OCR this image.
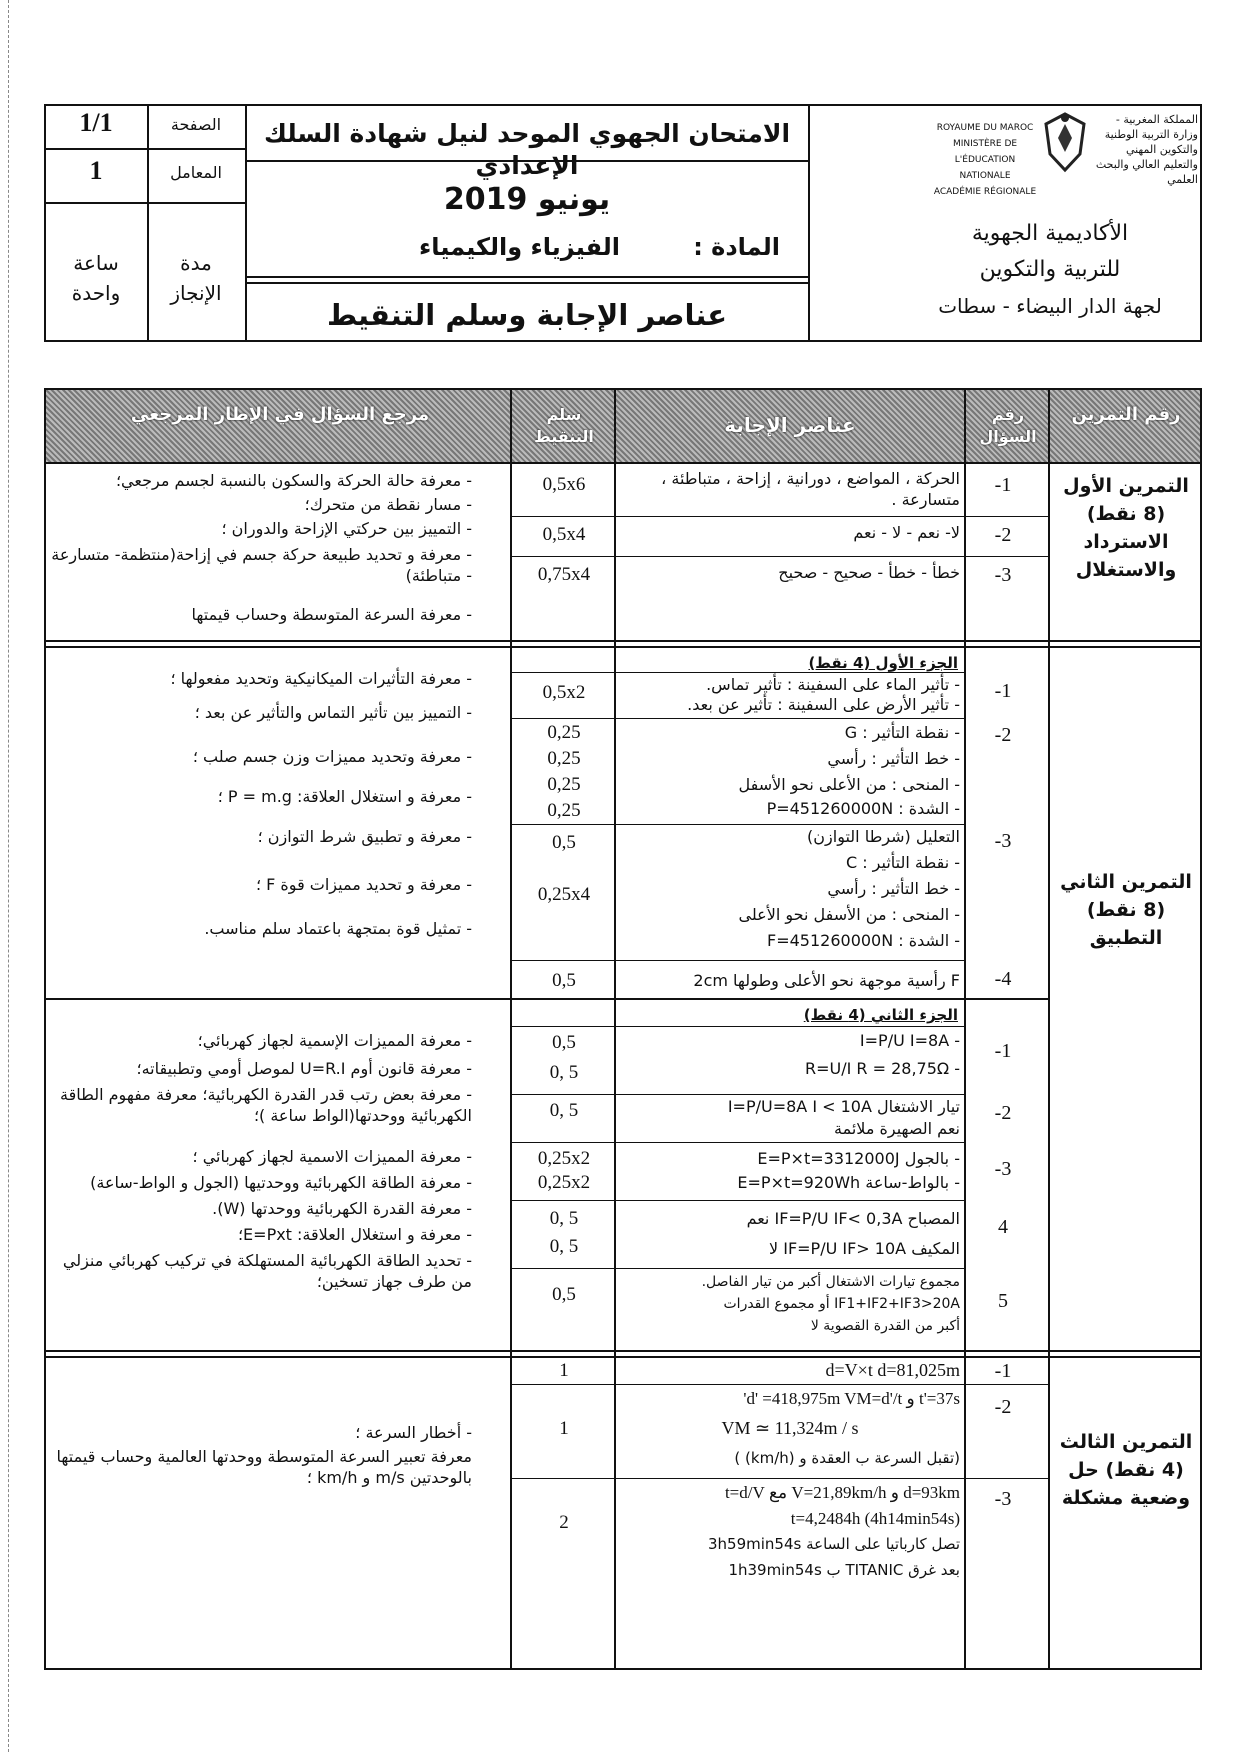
الصفحة
1/1
المعامل
1
مدة الإنجاز
ساعة واحدة
الامتحان الجهوي الموحد لنيل شهادة السلك الإعدادي
يونيو 2019
المادة :
الفيزياء والكيمياء
عناصر الإجابة وسلم التنقيط
المملكة المغربية - وزارة التربية الوطنية والتكوين المهني والتعليم العالي والبحث العلمي
ROYAUME DU MAROC
MINISTÈRE DE L'ÉDUCATION
NATIONALE
ACADÉMIE RÉGIONALE
الأكاديمية الجهوية
للتربية والتكوين
لجهة الدار البيضاء - سطات
رقم التمرين
رقم السؤال
عناصر الإجابة
سلم التنقيط
مرجع السؤال في الإطار المرجعي
التمرين الأول (8 نقط) الاسترداد والاستغلال
-1
الحركة ، المواضع ، دورانية ، إزاحة ، متباطئة ، متسارعة .
0,5x6
-2
لا- نعم - لا - نعم
0,5x4
-3
خطأ - خطأ - صحيح - صحيح
0,75x4
- معرفة حالة الحركة والسكون بالنسبة لجسم مرجعي؛
- مسار نقطة من متحرك؛
- التمييز بين حركتي الإزاحة والدوران ؛
- معرفة و تحديد طبيعة حركة جسم في إزاحة(منتظمة- متسارعة - متباطئة)
- معرفة السرعة المتوسطة وحساب قيمتها
التمرين الثاني (8 نقط) التطبيق
الجزء الأول (4 نقط)
-1
- تأثير الماء على السفينة : تأثير تماس.
- تأثير الأرض على السفينة : تأثير عن بعد.
0,5x2
-2
- نقطة التأثير : G
- خط التأثير : رأسي
- المنحى : من الأعلى نحو الأسفل
- الشدة : P=451260000N
0,25
0,25
0,25
0,25
-3
التعليل (شرطا التوازن)
- نقطة التأثير : C
- خط التأثير : رأسي
- المنحى : من الأسفل نحو الأعلى
- الشدة : F=451260000N
0,5
0,25x4
-4
F رأسية موجهة نحو الأعلى وطولها 2cm
0,5
- معرفة التأثيرات الميكانيكية وتحديد مفعولها ؛
- التمييز بين تأثير التماس والتأثير عن بعد ؛
- معرفة وتحديد مميزات وزن جسم صلب ؛
- معرفة و استغلال العلاقة: P = m.g ؛
- معرفة و تطبيق شرط التوازن ؛
- معرفة و تحديد مميزات قوة F ؛
- تمثيل قوة بمتجهة باعتماد سلم مناسب.
الجزء الثاني (4 نقط)
-1
- I=P/U I=8A
- R=U/I R = 28,75Ω
0,5
0, 5
-2
تيار الاشتغال I=P/U=8A I < 10A
نعم الصهيرة ملائمة
0, 5
-3
- بالجول E=P×t=3312000J
- بالواط-ساعة E=P×t=920Wh
0,25x2
0,25x2
4
المصباح IF=P/U IF< 0,3A نعم
المكيف IF=P/U IF> 10A لا
0, 5
0, 5
5
مجموع تيارات الاشتغال أكبر من تيار الفاصل.
IF1+IF2+IF3>20A أو مجموع القدرات
أكبر من القدرة القصوية لا
0,5
- معرفة المميزات الإسمية لجهاز كهربائي؛
- معرفة قانون أوم U=R.I لموصل أومي وتطبيقاته؛
- معرفة بعض رتب قدر القدرة الكهربائية؛ معرفة مفهوم الطاقة الكهربائية ووحدتها(الواط ساعة )؛
- معرفة المميزات الاسمية لجهاز كهربائي ؛
- معرفة الطاقة الكهربائية ووحدتيها (الجول و الواط-ساعة)
- معرفة القدرة الكهربائية ووحدتها (W).
- معرفة و استغلال العلاقة: E=Pxt؛
- تحديد الطاقة الكهربائية المستهلكة في تركيب كهربائي منزلي من طرف جهاز تسخين؛
التمرين الثالث (4 نقط) حل وضعية مشكلة
-1
d=V×t d=81,025m
1
-2
t'=37s و d' =418,975m VM=d'/t'
VM ≃ 11,324m / s
(تقبل السرعة ب العقدة و (km/h) )
1
-3
d=93km و V=21,89km/h مع t=d/V
(4h14min54s) t=4,2484h
تصل كارباتيا على الساعة 3h59min54s
بعد غرق TITANIC ب 1h39min54s
2
- أخطار السرعة ؛
معرفة تعبير السرعة المتوسطة ووحدتها العالمية وحساب قيمتها بالوحدتين m/s و km/h ؛
